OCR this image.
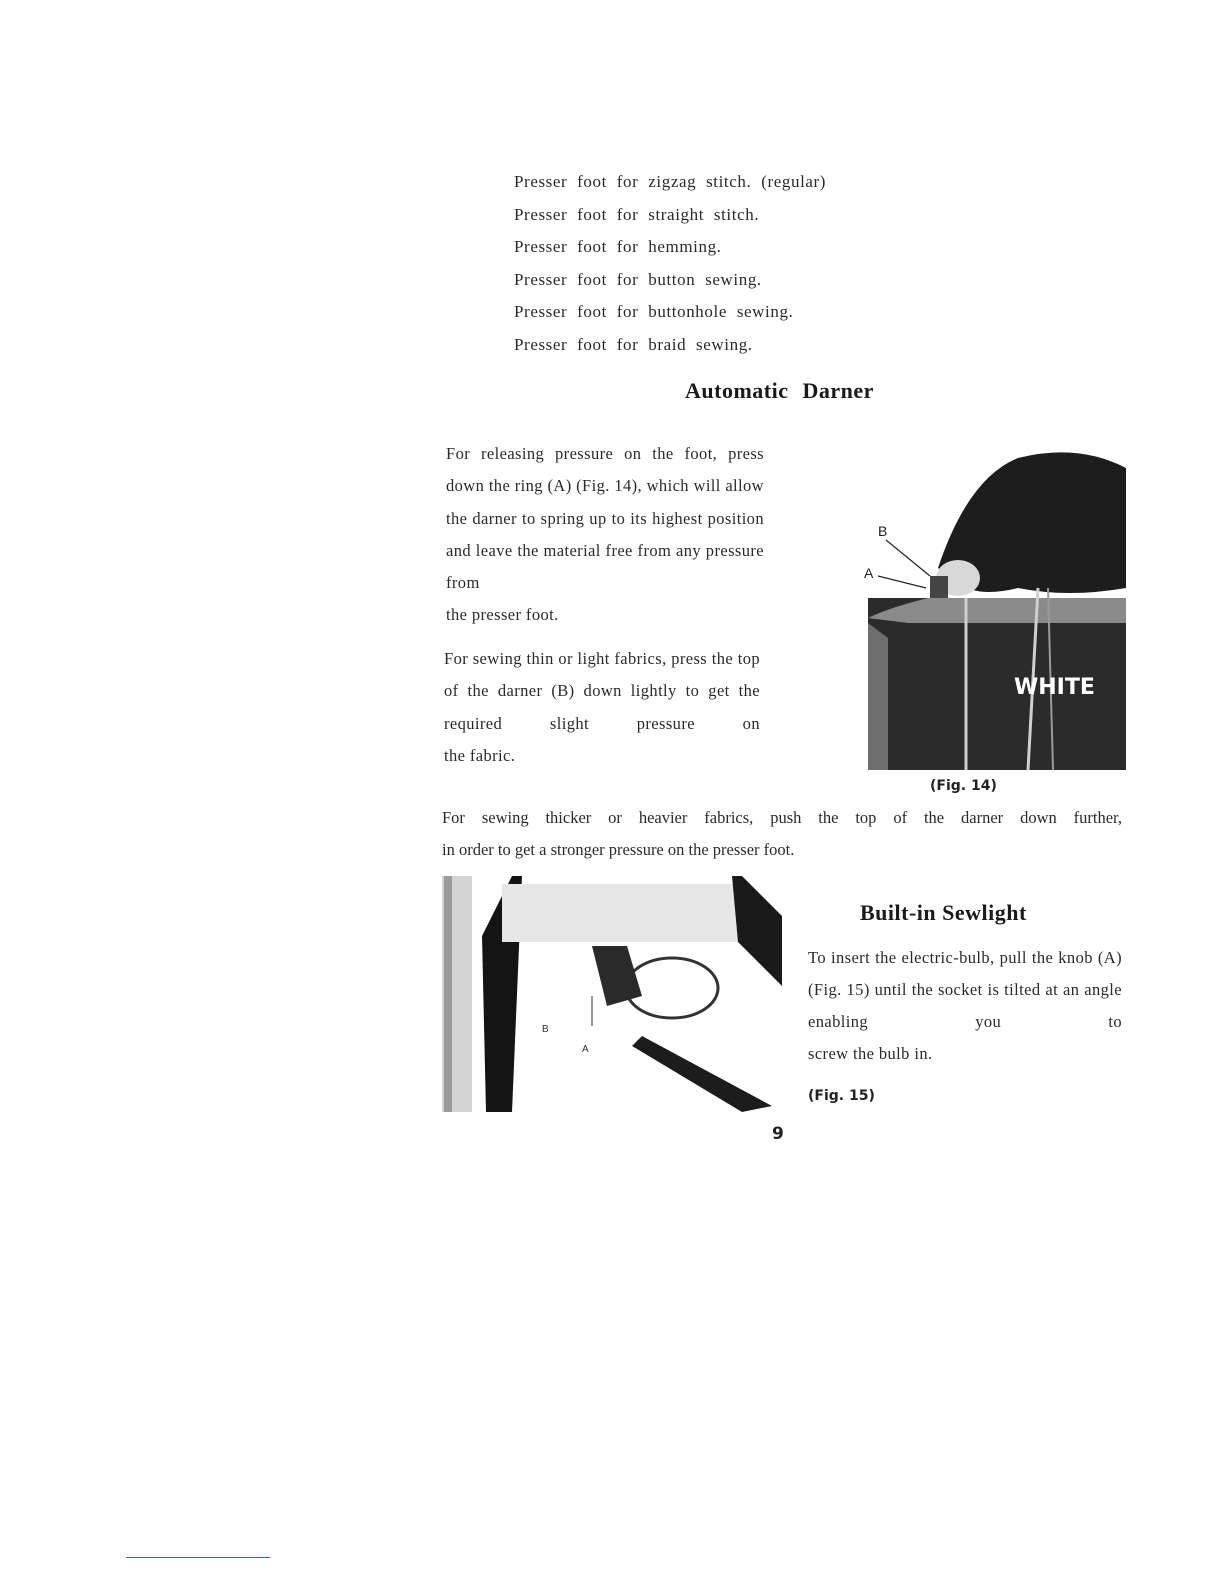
Presser foot for zigzag stitch. (regular)
Presser foot for straight stitch.
Presser foot for hemming.
Presser foot for button sewing.
Presser foot for buttonhole sewing.
Presser foot for braid sewing.
Automatic Darner
For releasing pressure on the foot, press down the ring (A) (Fig. 14), which will allow the darner to spring up to its highest position and leave the material free from any pressure from
the presser foot.
For sewing thin or light fabrics, press the top of the darner (B) down lightly to get the required slight pressure on
the fabric.
B
A
WHITE
(Fig. 14)
For sewing thicker or heavier fabrics, push the top of the darner down further,
in order to get a stronger pressure on the presser foot.
B
A
Built-in Sewlight
To insert the electric-bulb, pull the knob (A) (Fig. 15) until the socket is tilted at an angle enabling you to
screw the bulb in.
(Fig. 15)
9
